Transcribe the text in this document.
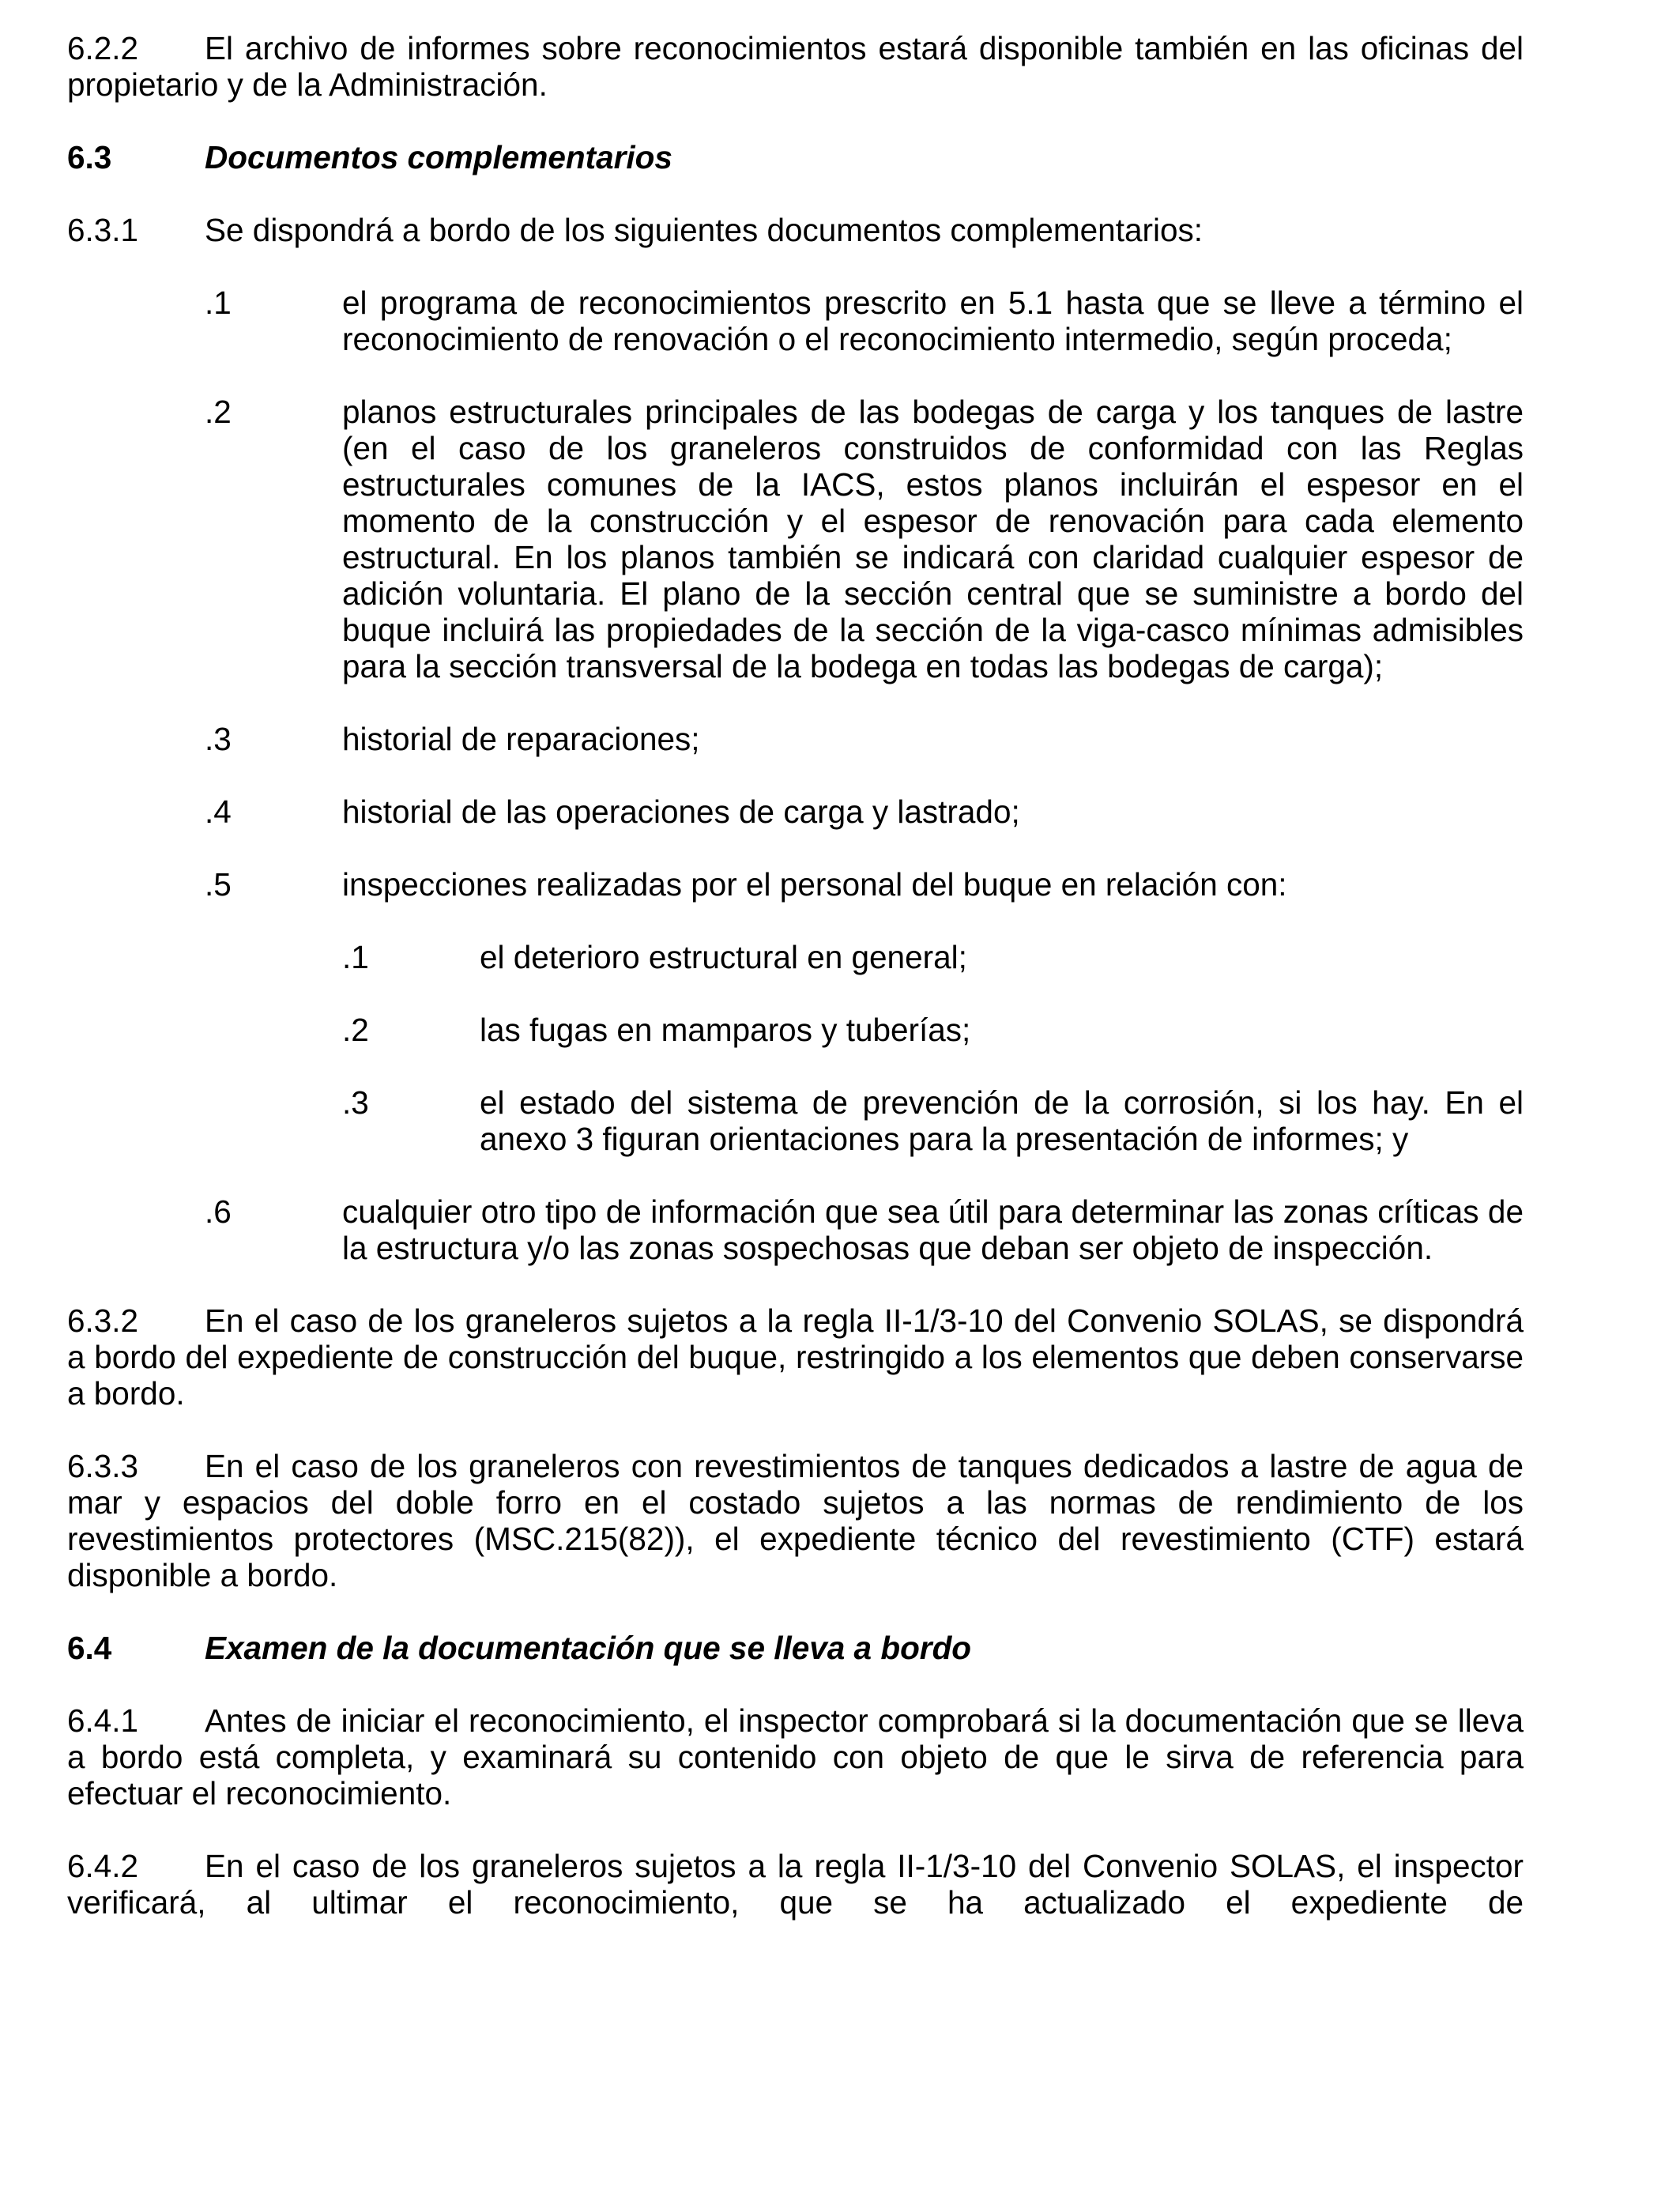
6.2.2 El archivo de informes sobre reconocimientos estará disponible también en las oficinas del propietario y de la Administración.

6.3	Documentos complementarios

6.3.1 Se dispondrá a bordo de los siguientes documentos complementarios:

.1	el programa de reconocimientos prescrito en 5.1 hasta que se lleve a término el reconocimiento de renovación o el reconocimiento intermedio, según proceda;
.2	planos estructurales principales de las bodegas de carga y los tanques de lastre (en el caso de los graneleros construidos de conformidad con las Reglas estructurales comunes de la IACS, estos planos incluirán el espesor en el momento de la construcción y el espesor de renovación para cada elemento estructural. En los planos también se indicará con claridad cualquier espesor de adición voluntaria. El plano de la sección central que se suministre a bordo del buque incluirá las propiedades de la sección de la viga-casco mínimas admisibles para la sección transversal de la bodega en todas las bodegas de carga);
.3	historial de reparaciones;
.4	historial de las operaciones de carga y lastrado;
.5	inspecciones realizadas por el personal del buque en relación con:
.1	el deterioro estructural en general;
.2	las fugas en mamparos y tuberías;
.3	el estado del sistema de prevención de la corrosión, si los hay. En el anexo 3 figuran orientaciones para la presentación de informes; y
.6	cualquier otro tipo de información que sea útil para determinar las zonas críticas de la estructura y/o las zonas sospechosas que deban ser objeto de inspección.

6.3.2 En el caso de los graneleros sujetos a la regla II-1/3-10 del Convenio SOLAS, se dispondrá a bordo del expediente de construcción del buque, restringido a los elementos que deben conservarse a bordo.

6.3.3 En el caso de los graneleros con revestimientos de tanques dedicados a lastre de agua de mar y espacios del doble forro en el costado sujetos a las normas de rendimiento de los revestimientos protectores (MSC.215(82)), el expediente técnico del revestimiento (CTF) estará disponible a bordo.

6.4	Examen de la documentación que se lleva a bordo

6.4.1 Antes de iniciar el reconocimiento, el inspector comprobará si la documentación que se lleva a bordo está completa, y examinará su contenido con objeto de que le sirva de referencia para efectuar el reconocimiento.

6.4.2 En el caso de los graneleros sujetos a la regla II-1/3-10 del Convenio SOLAS, el inspector verificará, al ultimar el reconocimiento, que se ha actualizado el expediente de
